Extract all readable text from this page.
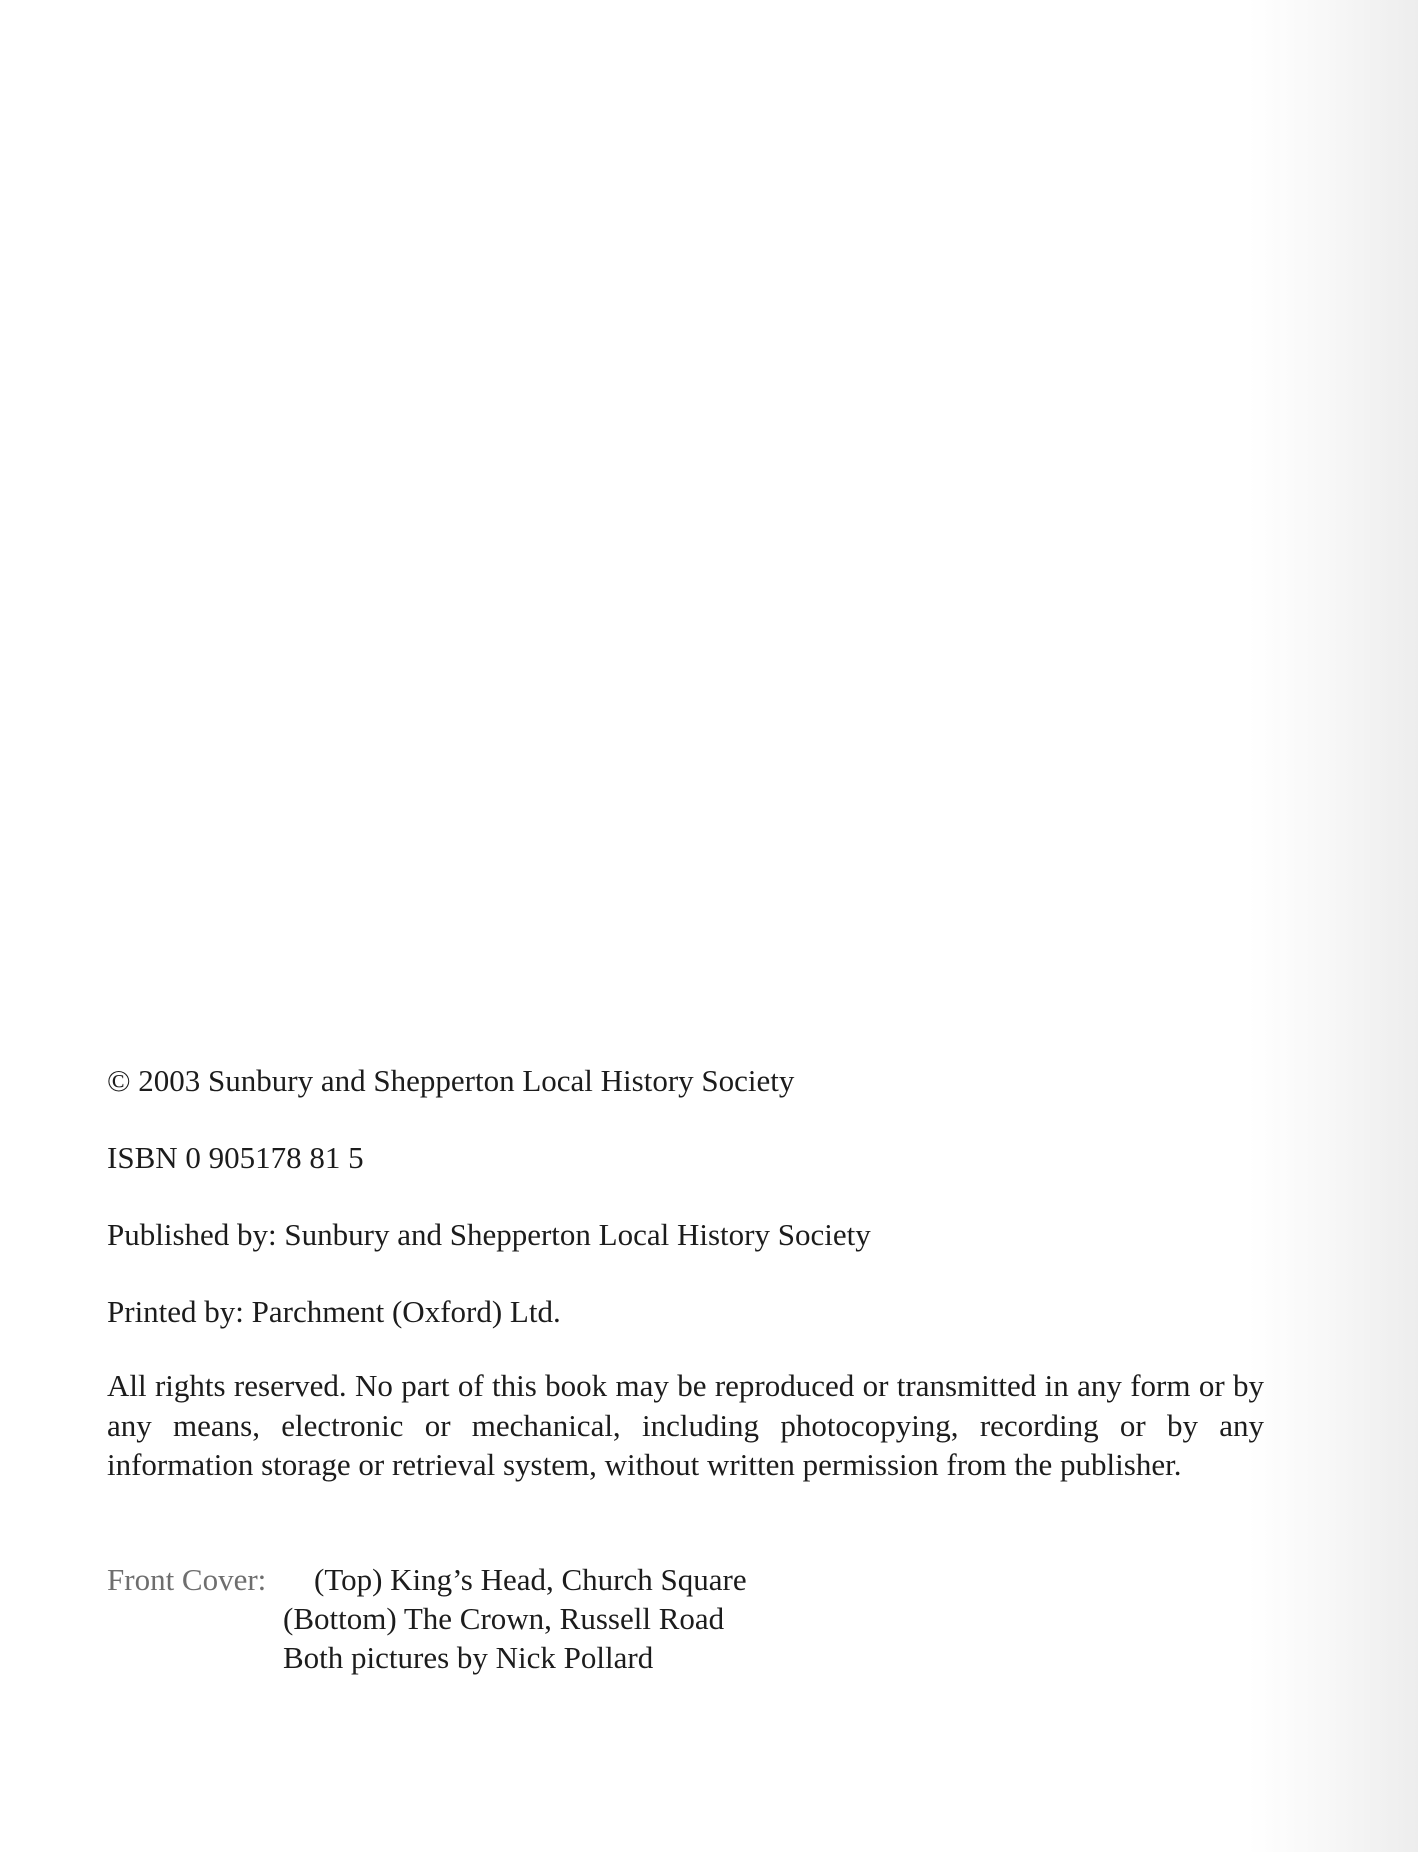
© 2003 Sunbury and Shepperton Local History Society

ISBN 0 905178 81 5

Published by: Sunbury and Shepperton Local History Society

Printed by: Parchment (Oxford) Ltd.

All rights reserved. No part of this book may be reproduced or transmitted in any form or by any means, electronic or mechanical, including photocopying, recording or by any information storage or retrieval system, without written permission from the publisher.

Front Cover: (Top) King’s Head, Church Square
(Bottom) The Crown, Russell Road
Both pictures by Nick Pollard
